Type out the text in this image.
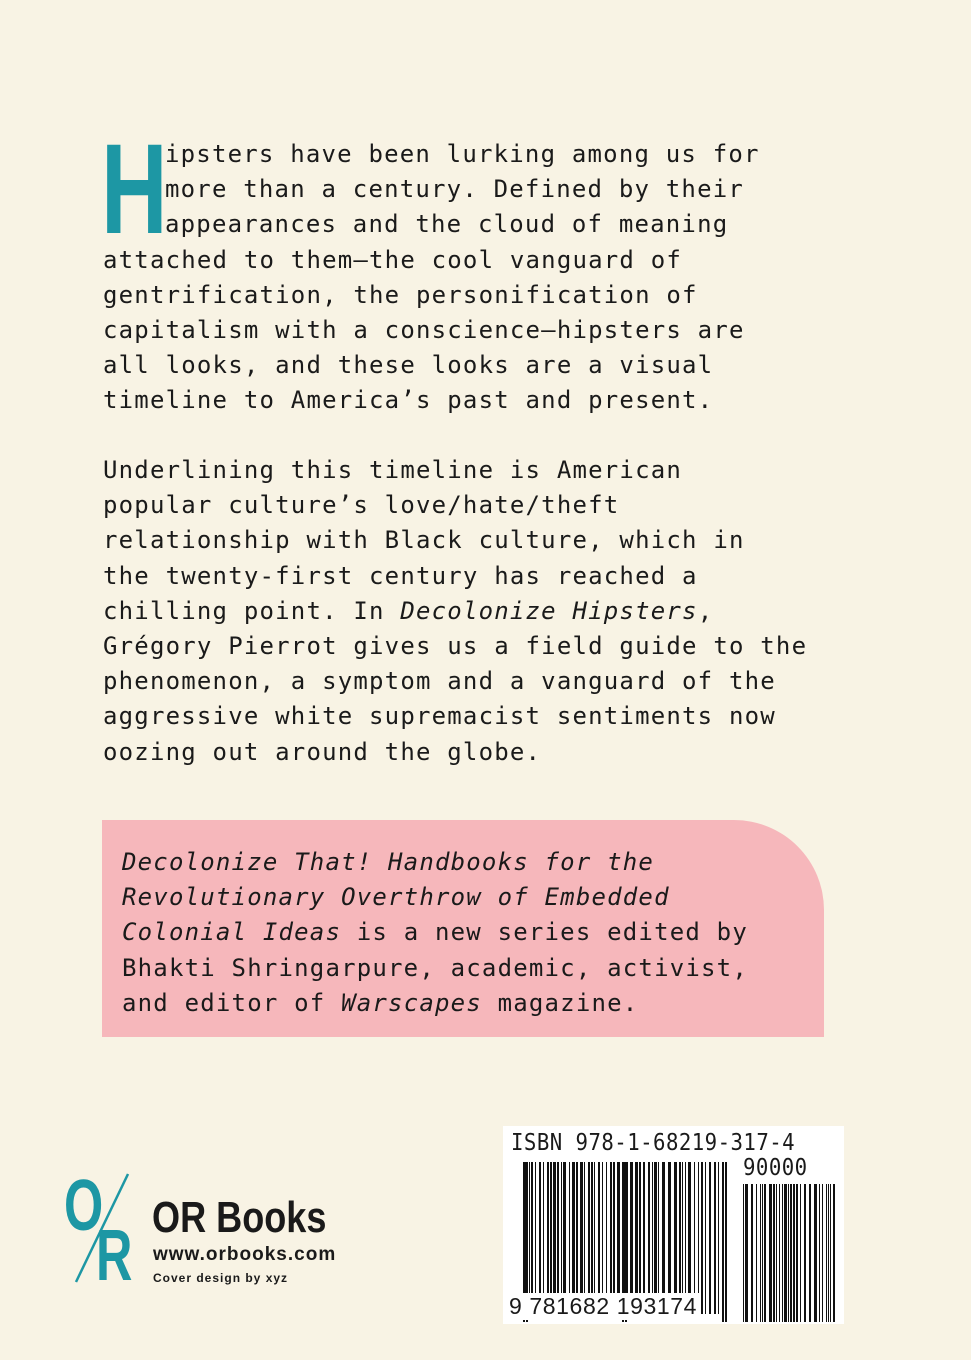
H
ipsters have been lurking among us for
more than a century. Defined by their
appearances and the cloud of meaning
attached to them—the cool vanguard of
gentrification, the personification of
capitalism with a conscience—hipsters are
all looks, and these looks are a visual
timeline to America’s past and present.
Underlining this timeline is American
popular culture’s love/hate/theft
relationship with Black culture, which in
the twenty-first century has reached a
chilling point. In Decolonize Hipsters,
Grégory Pierrot gives us a field guide to the
phenomenon, a symptom and a vanguard of the
aggressive white supremacist sentiments now
oozing out around the globe.
Decolonize That! Handbooks for the
Revolutionary Overthrow of Embedded
Colonial Ideas is a new series edited by
Bhakti Shringarpure, academic, activist,
and editor of Warscapes magazine.
O
R OR Books
www.orbooks.com
Cover design by xyz
ISBN 978-1-68219-317-4
90000
9 781682 193174
